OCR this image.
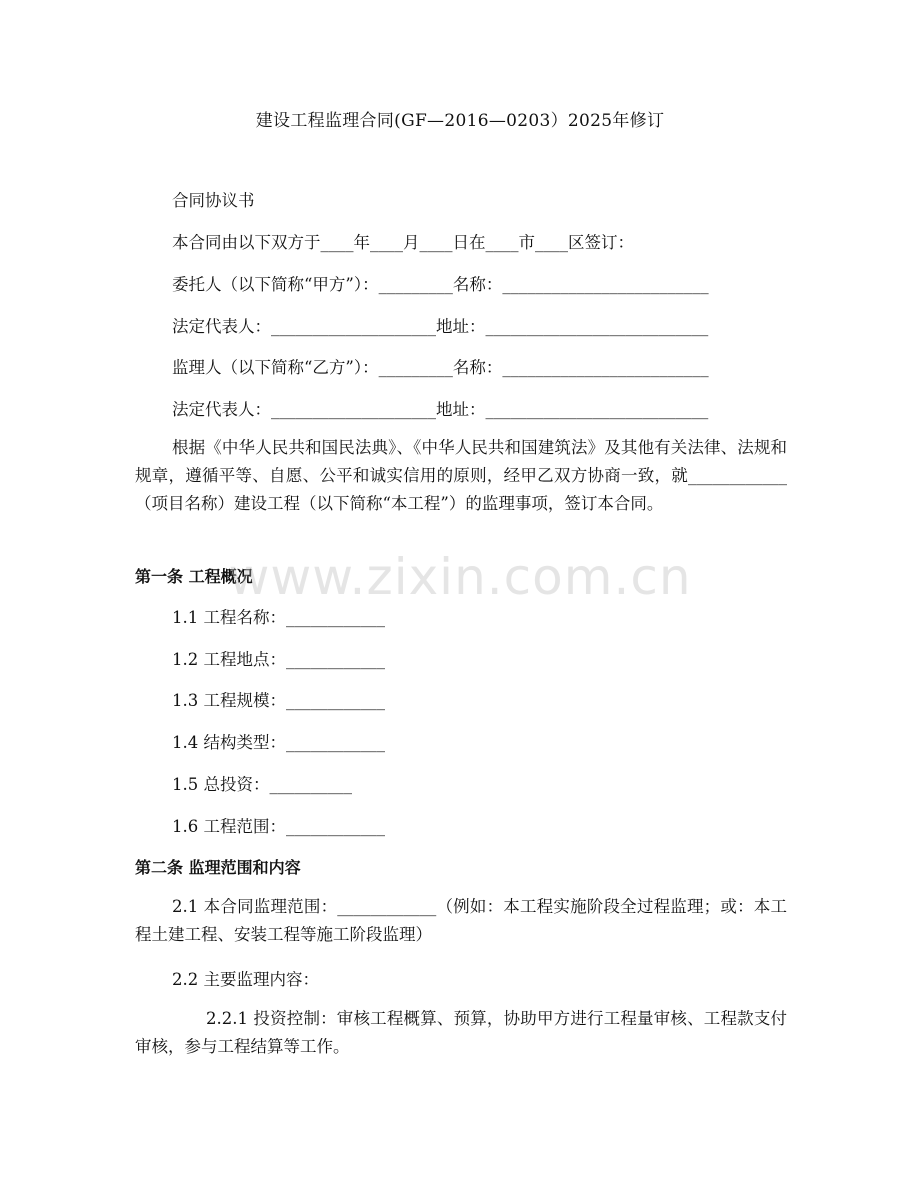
建设工程监理合同(GF—2016—0203）2025年修订
合同协议书
本合同由以下双方于____年____月____日在____市____区签订：
委托人（以下简称“甲方”）：_________名称：_________________________
法定代表人：____________________地址：___________________________
监理人（以下简称“乙方”）：_________名称：_________________________
法定代表人：____________________地址：___________________________
根据《中华人民共和国民法典》、《中华人民共和国建筑法》及其他有关法律、法规和规章，遵循平等、自愿、公平和诚实信用的原则，经甲乙双方协商一致，就____________（项目名称）建设工程（以下简称“本工程”）的监理事项，签订本合同。
第一条 工程概况
1.1 工程名称：____________
1.2 工程地点：____________
1.3 工程规模：____________
1.4 结构类型：____________
1.5 总投资：__________
1.6 工程范围：____________
第二条 监理范围和内容
2.1 本合同监理范围：____________（例如：本工程实施阶段全过程监理；或：本工程土建工程、安装工程等施工阶段监理）
2.2 主要监理内容：
2.2.1 投资控制：审核工程概算、预算，协助甲方进行工程量审核、工程款支付审核，参与工程结算等工作。
www.zixin.com.cn
